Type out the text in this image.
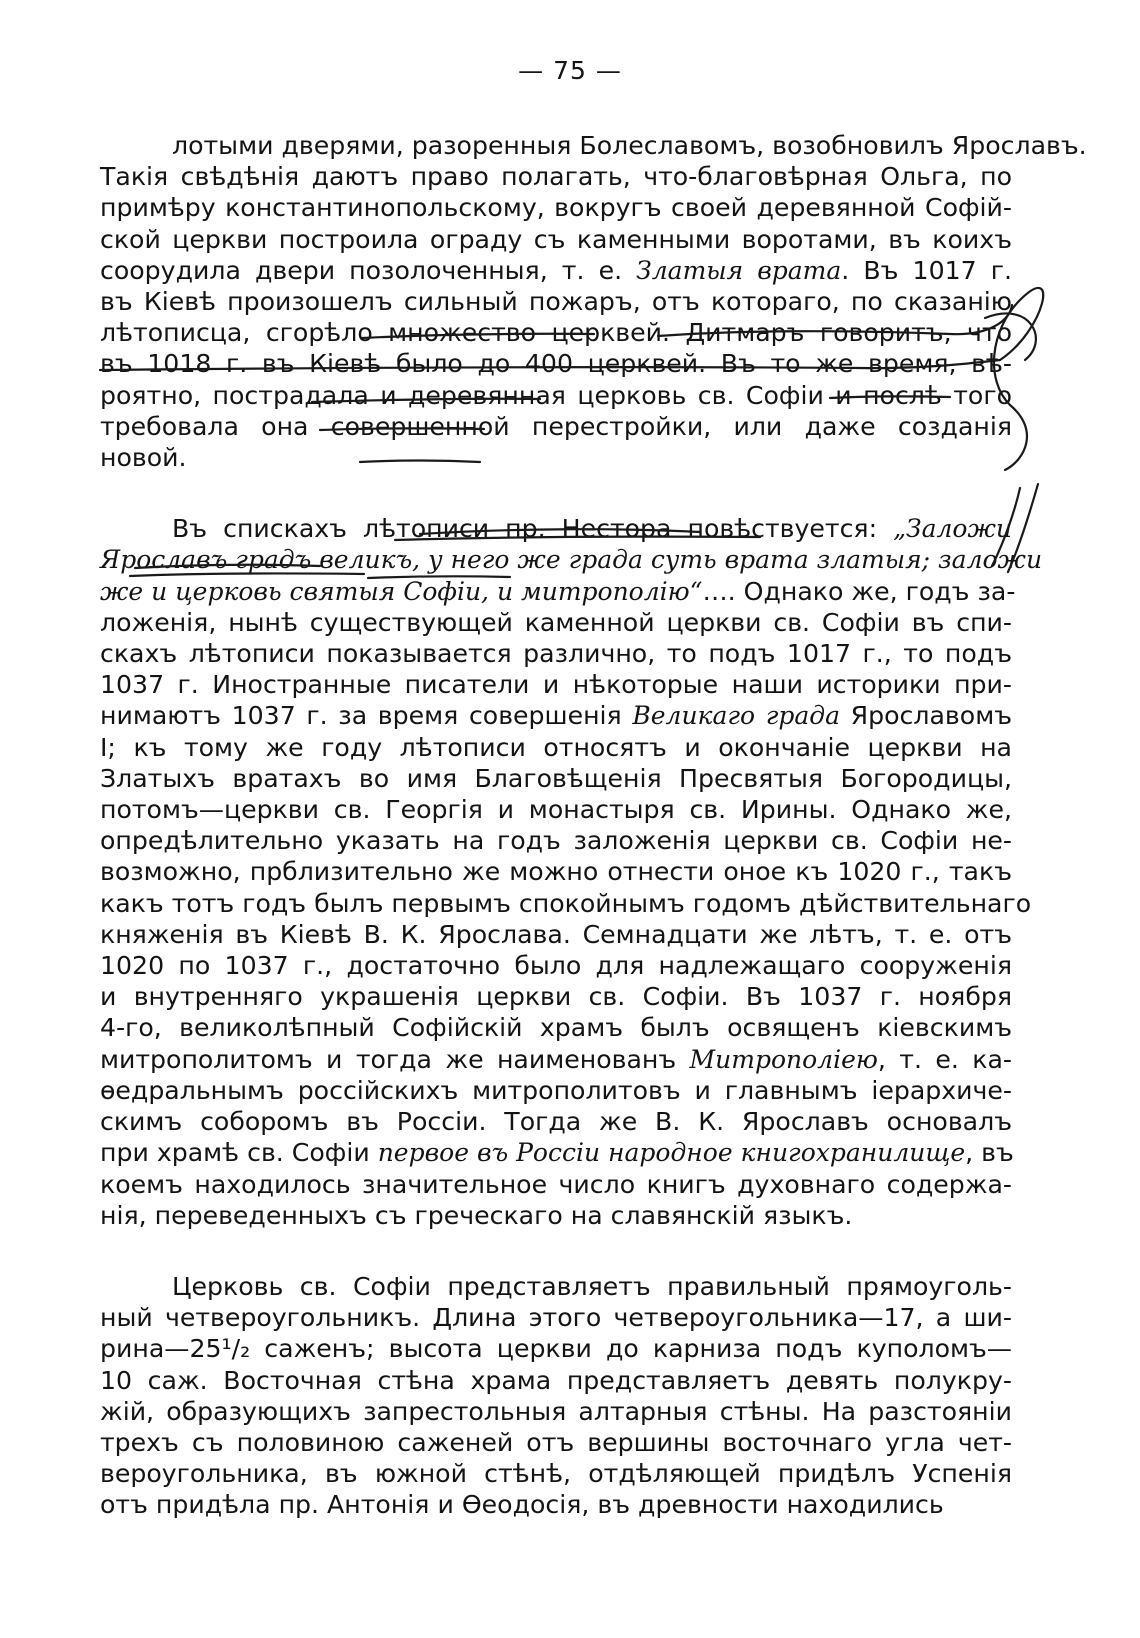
— 75 —

лотыми дверями, разоренныя Болеславомъ, возобновилъ Ярославъ.
Такія свѣдѣнія даютъ право полагать, что-благовѣрная Ольга, по
примѣру константинопольскому, вокругъ своей деревянной Софій-
ской церкви построила ограду съ каменными воротами, въ коихъ
соорудила двери позолоченныя, т. е. Златыя врата. Въ 1017 г.
въ Кіевѣ произошелъ сильный пожаръ, отъ котораго, по сказанію
лѣтописца, сгорѣло множество церквей. Дитмаръ говоритъ, что
въ 1018 г. въ Кіевѣ было до 400 церквей. Въ то же время, вѣ-
роятно, пострадала и деревянная церковь св. Софіи и послѣ того
требовала она совершенной перестройки, или даже созданія
новой.

Въ спискахъ лѣтописи пр. Нестора повѣствуется: „Заложи
Ярославъ градъ великъ, у него же града суть врата златыя; заложи
же и церковь святыя Софіи, и митрополію“…. Однако же, годъ за-
ложенія, нынѣ существующей каменной церкви св. Софіи въ спи-
скахъ лѣтописи показывается различно, то подъ 1017 г., то подъ
1037 г. Иностранные писатели и нѣкоторые наши историки при-
нимаютъ 1037 г. за время совершенія Великаго града Ярославомъ
I; къ тому же году лѣтописи относятъ и окончаніе церкви на
Златыхъ вратахъ во имя Благовѣщенія Пресвятыя Богородицы,
потомъ—церкви св. Георгія и монастыря св. Ирины. Однако же,
опредѣлительно указать на годъ заложенія церкви св. Софіи не-
возможно, прблизительно же можно отнести оное къ 1020 г., такъ
какъ тотъ годъ былъ первымъ спокойнымъ годомъ дѣйствительнаго
княженія въ Кіевѣ В. К. Ярослава. Семнадцати же лѣтъ, т. е. отъ
1020 по 1037 г., достаточно было для надлежащаго сооруженія
и внутренняго украшенія церкви св. Софіи. Въ 1037 г. ноября
4-го, великолѣпный Софійскій храмъ былъ освященъ кіевскимъ
митрополитомъ и тогда же наименованъ Митрополіею, т. е. ка-
ѳедральнымъ россійскихъ митрополитовъ и главнымъ іерархиче-
скимъ соборомъ въ Россіи. Тогда же В. К. Ярославъ основалъ
при храмѣ св. Софіи первое въ Россіи народное книгохранилище, въ
коемъ находилось значительное число книгъ духовнаго содержа-
нія, переведенныхъ съ греческаго на славянскій языкъ.

Церковь св. Софіи представляетъ правильный прямоуголь-
ный четвероугольникъ. Длина этого четвероугольника—17, а ши-
рина—25¹/₂ саженъ; высота церкви до карниза подъ куполомъ—
10 саж. Восточная стѣна храма представляетъ девять полукру-
жій, образующихъ запрестольныя алтарныя стѣны. На разстояніи
трехъ съ половиною саженей отъ вершины восточнаго угла чет-
вероугольника, въ южной стѣнѣ, отдѣляющей придѣлъ Успенія
отъ придѣла пр. Антонія и Ѳеодосія, въ древности находились
